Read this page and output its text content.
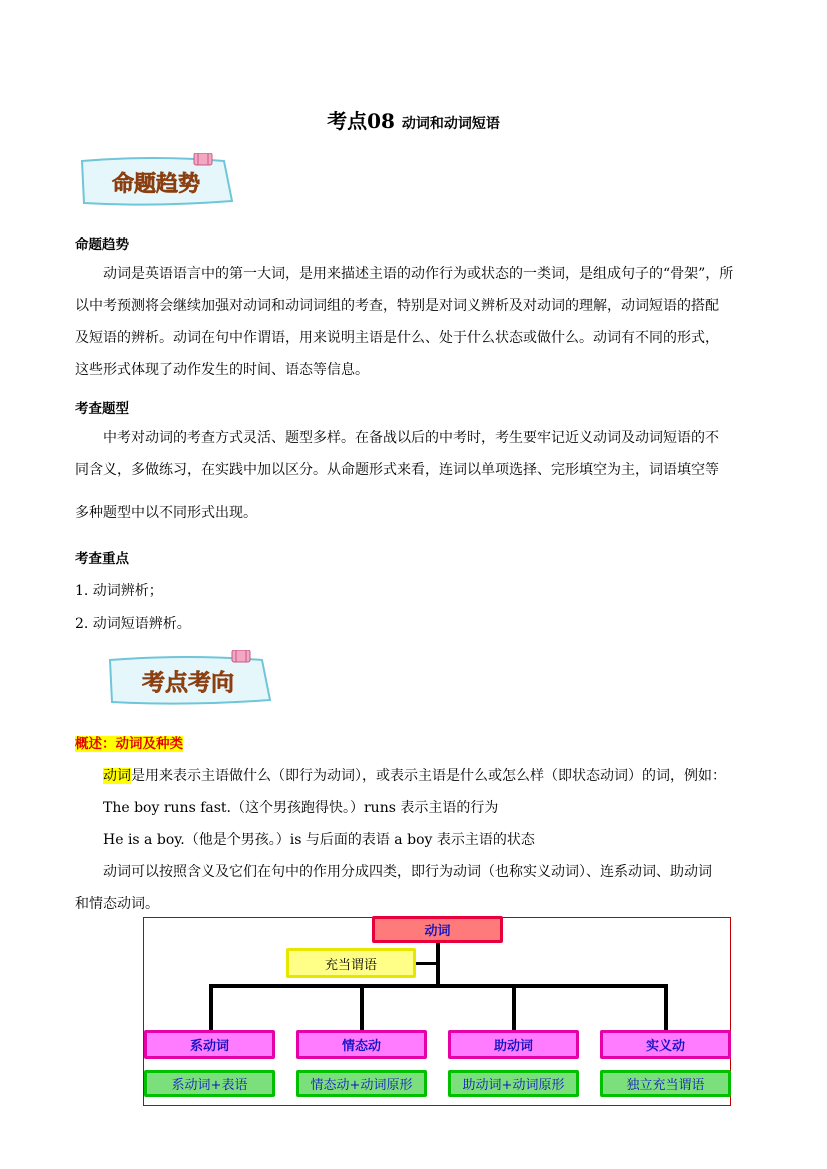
考点08 动词和动词短语
命题趋势
命题趋势

动词是英语语言中的第一大词，是用来描述主语的动作行为或状态的一类词，是组成句子的“骨架”，所

以中考预测将会继续加强对动词和动词词组的考查，特别是对词义辨析及对动词的理解，动词短语的搭配

及短语的辨析。动词在句中作谓语，用来说明主语是什么、处于什么状态或做什么。动词有不同的形式，

这些形式体现了动作发生的时间、语态等信息。

考查题型

中考对动词的考查方式灵活、题型多样。在备战以后的中考时，考生要牢记近义动词及动词短语的不

同含义，多做练习，在实践中加以区分。从命题形式来看，连词以单项选择、完形填空为主，词语填空等

多种题型中以不同形式出现。

考查重点
1. 动词辨析；
2. 动词短语辨析。
考点考向
概述：动词及种类
动词是用来表示主语做什么（即行为动词），或表示主语是什么或怎么样（即状态动词）的词，例如：
The boy runs fast.（这个男孩跑得快。）runs 表示主语的行为
He is a boy.（他是个男孩。）is 与后面的表语 a boy 表示主语的状态
动词可以按照含义及它们在句中的作用分成四类，即行为动词（也称实义动词）、连系动词、助动词
和情态动词。
动词
充当谓语
系动词	情态动	助动词	实义动
系动词+表语	情态动+动词原形	助动词+动词原形	独立充当谓语
